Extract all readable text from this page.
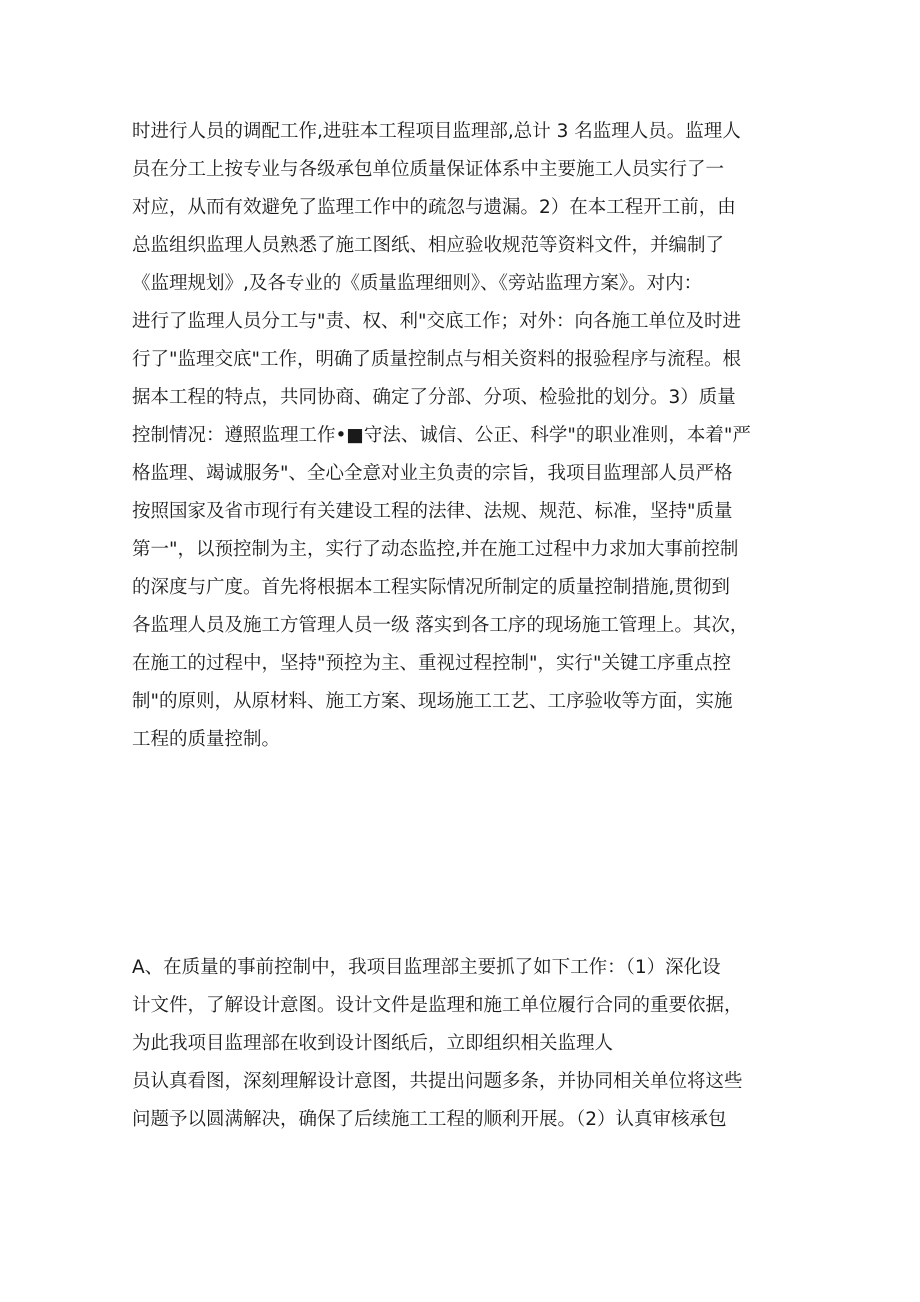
时进行人员的调配工作,进驻本工程项目监理部,总计 3 名监理人员。监理人
员在分工上按专业与各级承包单位质量保证体系中主要施工人员实行了一
对应，从而有效避免了监理工作中的疏忽与遗漏。2）在本工程开工前，由
总监组织监理人员熟悉了施工图纸、相应验收规范等资料文件，并编制了
《监理规划》,及各专业的《质量监理细则》、《旁站监理方案》。对内：
进行了监理人员分工与"责、权、利"交底工作；对外：向各施工单位及时进
行了"监理交底"工作，明确了质量控制点与相关资料的报验程序与流程。根
据本工程的特点，共同协商、确定了分部、分项、检验批的划分。3）质量
控制情况：遵照监理工作•■守法、诚信、公正、科学"的职业准则，本着"严
格监理、竭诚服务"、全心全意对业主负责的宗旨，我项目监理部人员严格
按照国家及省市现行有关建设工程的法律、法规、规范、标准，坚持"质量
第一"，以预控制为主，实行了动态监控,并在施工过程中力求加大事前控制
的深度与广度。首先将根据本工程实际情况所制定的质量控制措施,贯彻到
各监理人员及施工方管理人员一级 落实到各工序的现场施工管理上。其次，
在施工的过程中，坚持"预控为主、重视过程控制"，实行"关键工序重点控
制"的原则，从原材料、施工方案、现场施工工艺、工序验收等方面，实施
工程的质量控制。
A、在质量的事前控制中，我项目监理部主要抓了如下工作：（1）深化设
计文件，了解设计意图。设计文件是监理和施工单位履行合同的重要依据，
为此我项目监理部在收到设计图纸后，立即组织相关监理人
员认真看图，深刻理解设计意图，共提出问题多条，并协同相关单位将这些
问题予以圆满解决，确保了后续施工工程的顺利开展。（2）认真审核承包
